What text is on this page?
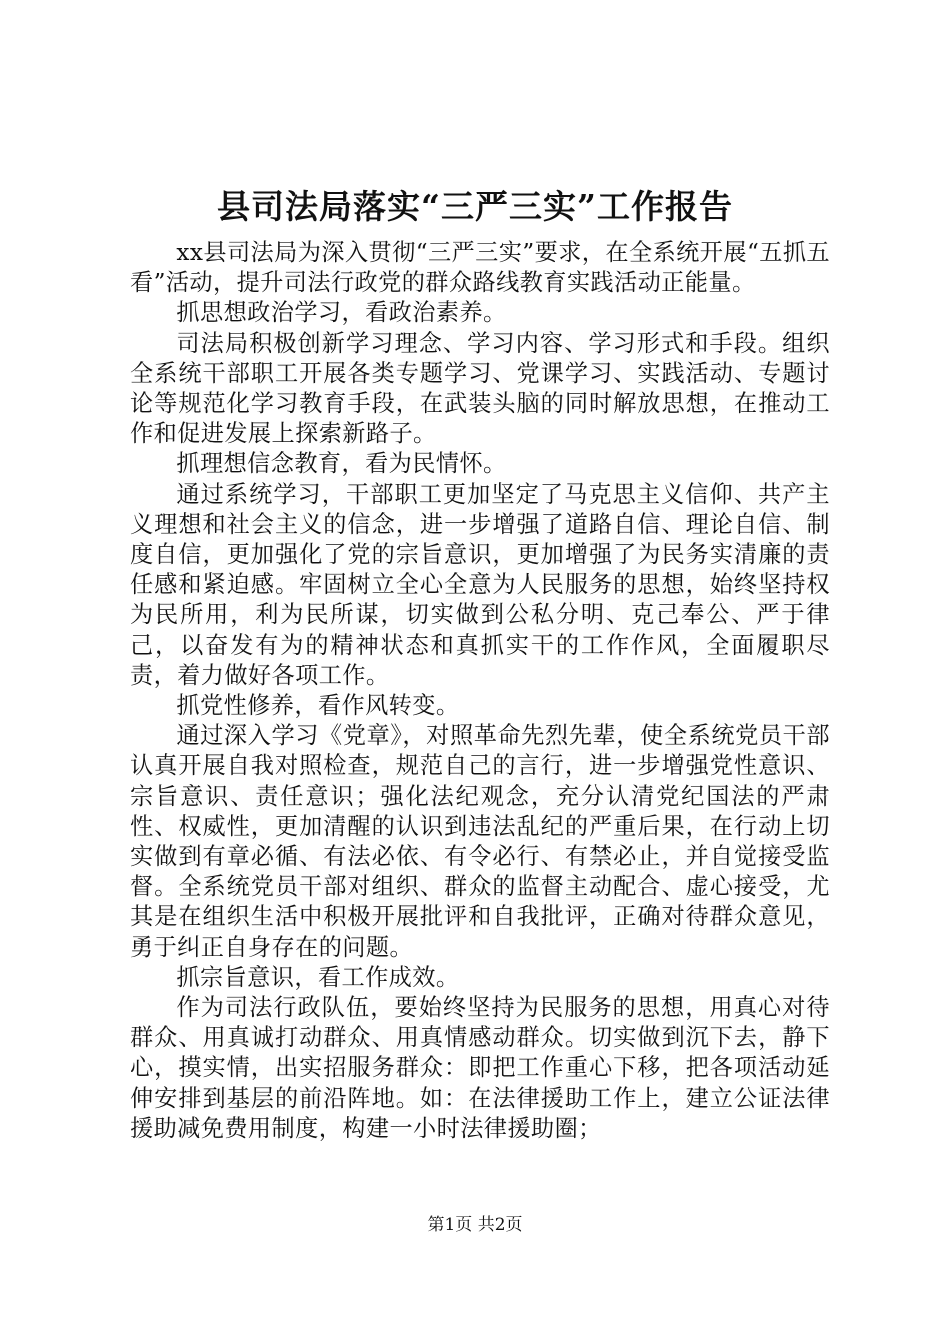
县司法局落实“三严三实”工作报告

xx县司法局为深入贯彻“三严三实”要求，在全系统开展“五抓五看”活动，提升司法行政党的群众路线教育实践活动正能量。

抓思想政治学习，看政治素养。

司法局积极创新学习理念、学习内容、学习形式和手段。组织全系统干部职工开展各类专题学习、党课学习、实践活动、专题讨论等规范化学习教育手段，在武装头脑的同时解放思想，在推动工作和促进发展上探索新路子。

抓理想信念教育，看为民情怀。

通过系统学习，干部职工更加坚定了马克思主义信仰、共产主义理想和社会主义的信念，进一步增强了道路自信、理论自信、制度自信，更加强化了党的宗旨意识，更加增强了为民务实清廉的责任感和紧迫感。牢固树立全心全意为人民服务的思想，始终坚持权为民所用，利为民所谋，切实做到公私分明、克己奉公、严于律己，以奋发有为的精神状态和真抓实干的工作作风，全面履职尽责，着力做好各项工作。

抓党性修养，看作风转变。

通过深入学习《党章》，对照革命先烈先辈，使全系统党员干部认真开展自我对照检查，规范自己的言行，进一步增强党性意识、宗旨意识、责任意识；强化法纪观念，充分认清党纪国法的严肃性、权威性，更加清醒的认识到违法乱纪的严重后果，在行动上切实做到有章必循、有法必依、有令必行、有禁必止，并自觉接受监督。全系统党员干部对组织、群众的监督主动配合、虚心接受，尤其是在组织生活中积极开展批评和自我批评，正确对待群众意见，勇于纠正自身存在的问题。

抓宗旨意识，看工作成效。

作为司法行政队伍，要始终坚持为民服务的思想，用真心对待群众、用真诚打动群众、用真情感动群众。切实做到沉下去，静下心，摸实情，出实招服务群众：即把工作重心下移，把各项活动延伸安排到基层的前沿阵地。如：在法律援助工作上，建立公证法律援助减免费用制度，构建一小时法律援助圈；

第1页 共2页
